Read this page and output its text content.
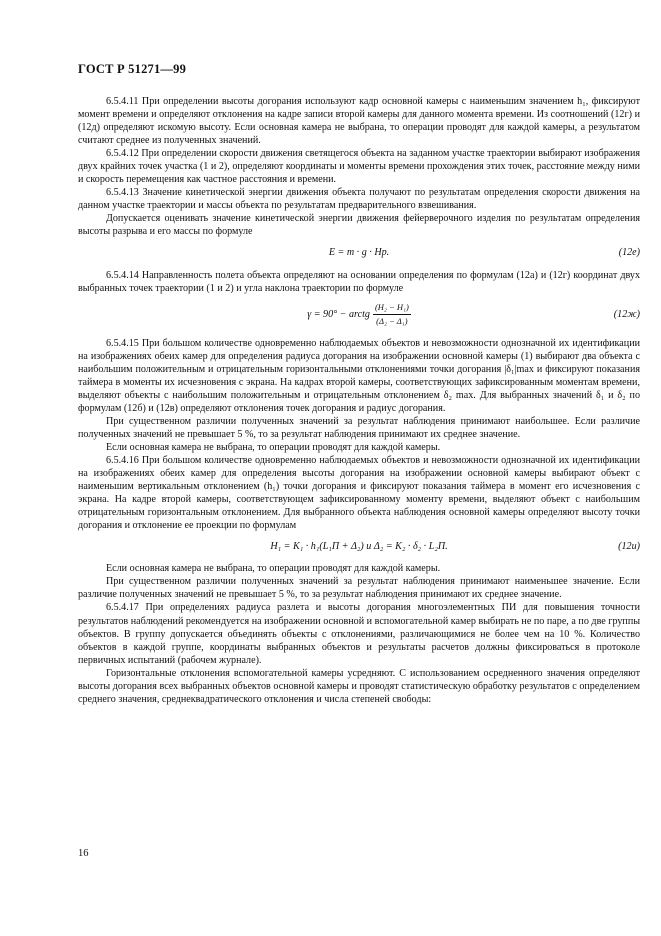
ГОСТ Р 51271—99

6.5.4.11 При определении высоты догорания используют кадр основной камеры с наименьшим значением h₁, фиксируют момент времени и определяют отклонения на кадре записи второй камеры для данного момента времени. Из соотношений (12г) и (12д) определяют искомую высоту. Если основная камера не выбрана, то операции проводят для каждой камеры, а результатом считают среднее из полученных значений.

6.5.4.12 При определении скорости движения светящегося объекта на заданном участке траектории выбирают изображения двух крайних точек участка (1 и 2), определяют координаты и моменты времени прохождения этих точек, расстояние между ними и скорость перемещения как частное расстояния и времени.

6.5.4.13 Значение кинетической энергии движения объекта получают по результатам определения скорости движения на данном участке траектории и массы объекта по результатам предварительного взвешивания.

Допускается оценивать значение кинетической энергии движения фейерверочного изделия по результатам определения высоты разрыва и его массы по формуле

E = m · g · Hp.	(12е)

6.5.4.14 Направленность полета объекта определяют на основании определения по формулам (12а) и (12г) координат двух выбранных точек траектории (1 и 2) и угла наклона траектории по формуле

γ = 90° − arctg $\frac{\text{(H₂ − H₁)}}{\text{(Δ₂ − Δ₁)}}$	(12ж)

6.5.4.15 При большом количестве одновременно наблюдаемых объектов и невозможности однозначной их идентификации на изображениях обеих камер для определения радиуса догорания на изображении основной камеры (1) выбирают два объекта с наибольшим положительным и отрицательным горизонтальными отклонениями точки догорания |δ₁|max и фиксируют показания таймера в моменты их исчезновения с экрана. На кадрах второй камеры, соответствующих зафиксированным моментам времени, выделяют объекты с наибольшим положительным и отрицательным отклонением δ₂ max. Для выбранных значений δ₁ и δ₂ по формулам (12б) и (12в) определяют отклонения точек догорания и радиус догорания.

При существенном различии полученных значений за результат наблюдения принимают наибольшее. Если различие полученных значений не превышает 5 %, то за результат наблюдения принимают их среднее значение.

Если основная камера не выбрана, то операции проводят для каждой камеры.

6.5.4.16 При большом количестве одновременно наблюдаемых объектов и невозможности однозначной их идентификации на изображениях обеих камер для определения высоты догорания на изображении основной камеры выбирают объект с наименьшим вертикальным отклонением (h₁) точки догорания и фиксируют показания таймера в момент его исчезновения с экрана. На кадре второй камеры, соответствующем зафиксированному моменту времени, выделяют объект с наибольшим отрицательным горизонтальным отклонением. Для выбранного объекта наблюдения основной камеры определяют высоту точки догорания и отклонение ее проекции по формулам

H₁ = K₁ · h₁(L₁П + Δ₂) и Δ₂ = K₂ · δ₂ · L₂П.	(12и)

Если основная камера не выбрана, то операции проводят для каждой камеры.

При существенном различии полученных значений за результат наблюдения принимают наименьшее значение. Если различие полученных значений не превышает 5 %, то за результат наблюдения принимают их среднее значение.

6.5.4.17 При определениях радиуса разлета и высоты догорания многоэлементных ПИ для повышения точности результатов наблюдений рекомендуется на изображении основной и вспомогательной камер выбирать не по паре, а по две группы объектов. В группу допускается объединять объекты с отклонениями, различающимися не более чем на 10 %. Количество объектов в каждой группе, координаты выбранных объектов и результаты расчетов должны фиксироваться в протоколе первичных испытаний (рабочем журнале).

Горизонтальные отклонения вспомогательной камеры усредняют. С использованием осредненного значения определяют высоты догорания всех выбранных объектов основной камеры и проводят статистическую обработку результатов с определением среднего значения, среднеквадратического отклонения и числа степеней свободы:

16
